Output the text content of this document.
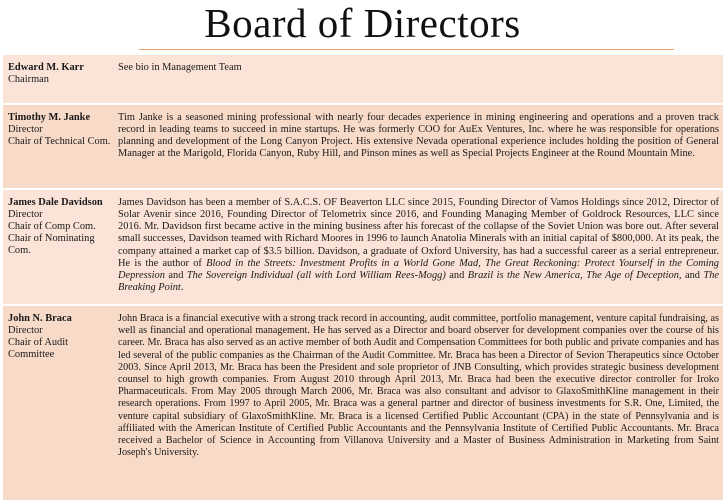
Board of Directors
Edward M. Karr
Chairman
See bio in Management Team
Timothy M. Janke
Director
Chair of Technical Com.
Tim Janke is a seasoned mining professional with nearly four decades experience in mining engineering and operations and a proven track record in leading teams to succeed in mine startups. He was formerly COO for AuEx Ventures, Inc. where he was responsible for operations planning and development of the Long Canyon Project. His extensive Nevada operational experience includes holding the position of General Manager at the Marigold, Florida Canyon, Ruby Hill, and Pinson mines as well as Special Projects Engineer at the Round Mountain Mine.
James Dale Davidson
Director
Chair of Comp Com.
Chair of Nominating Com.
James Davidson has been a member of S.A.C.S. OF Beaverton LLC since 2015, Founding Director of Vamos Holdings since 2012, Director of Solar Avenir since 2016, Founding Director of Telometrix since 2016, and Founding Managing Member of Goldrock Resources, LLC since 2016. Mr. Davidson first became active in the mining business after his forecast of the collapse of the Soviet Union was bore out. After several small successes, Davidson teamed with Richard Moores in 1996 to launch Anatolia Minerals with an initial capital of $800,000. At its peak, the company attained a market cap of $3.5 billion. Davidson, a graduate of Oxford University, has had a successful career as a serial entrepreneur. He is the author of Blood in the Streets: Investment Profits in a World Gone Mad, The Great Reckoning: Protect Yourself in the Coming Depression and The Sovereign Individual (all with Lord William Rees-Mogg) and Brazil is the New America, The Age of Deception, and The Breaking Point.
John N. Braca
Director
Chair of Audit Committee
John Braca is a financial executive with a strong track record in accounting, audit committee, portfolio management, venture capital fundraising, as well as financial and operational management. He has served as a Director and board observer for development companies over the course of his career. Mr. Braca has also served as an active member of both Audit and Compensation Committees for both public and private companies and has led several of the public companies as the Chairman of the Audit Committee. Mr. Braca has been a Director of Sevion Therapeutics since October 2003. Since April 2013, Mr. Braca has been the President and sole proprietor of JNB Consulting, which provides strategic business development counsel to high growth companies. From August 2010 through April 2013, Mr. Braca had been the executive director controller for Iroko Pharmaceuticals. From May 2005 through March 2006, Mr. Braca was also consultant and advisor to GlaxoSmithKline management in their research operations. From 1997 to April 2005, Mr. Braca was a general partner and director of business investments for S.R. One, Limited, the venture capital subsidiary of GlaxoSmithKline. Mr. Braca is a licensed Certified Public Accountant (CPA) in the state of Pennsylvania and is affiliated with the American Institute of Certified Public Accountants and the Pennsylvania Institute of Certified Public Accountants. Mr. Braca received a Bachelor of Science in Accounting from Villanova University and a Master of Business Administration in Marketing from Saint Joseph's University.
